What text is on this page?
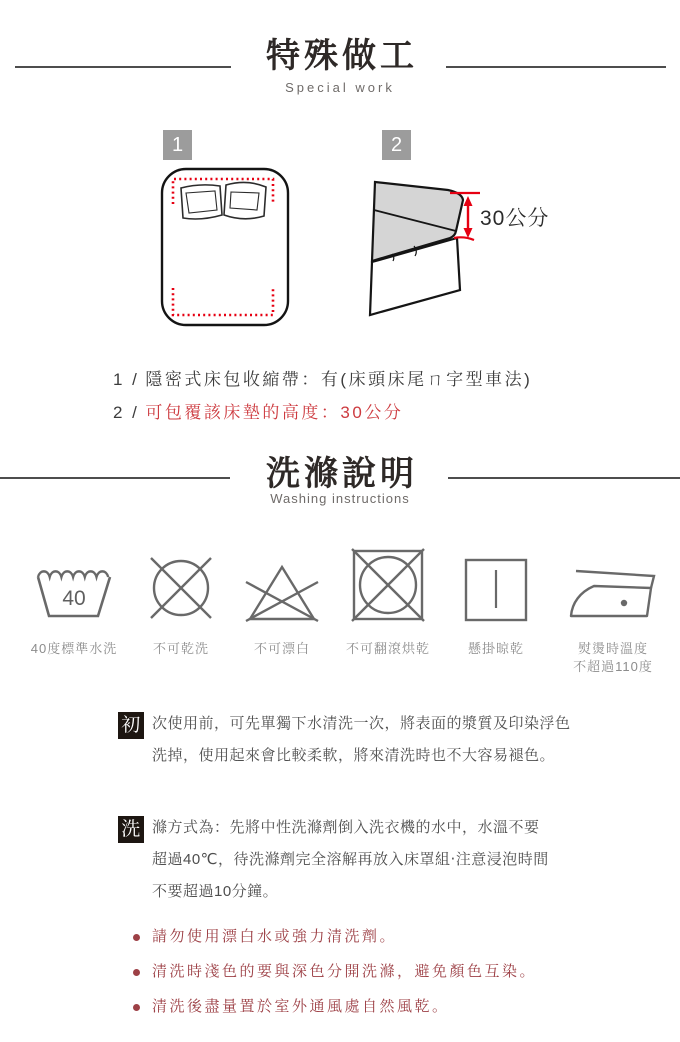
特殊做工
Special work
1	2
30公分
1 / 隱密式床包收縮帶：有(床頭床尾ㄇ字型車法)
2 / 可包覆該床墊的高度：30公分
洗滌說明
Washing instructions
40
40度標準水洗	不可乾洗	不可漂白	不可翻滾烘乾	懸掛晾乾	熨燙時溫度
不超過110度
初 次使用前，可先單獨下水清洗一次，將表面的漿質及印染浮色洗掉，使用起來會比較柔軟，將來清洗時也不大容易褪色。
洗 滌方式為：先將中性洗滌劑倒入洗衣機的水中，水溫不要超過40℃，待洗滌劑完全溶解再放入床罩組‧注意浸泡時間不要超過10分鐘。
請勿使用漂白水或強力清洗劑。
清洗時淺色的要與深色分開洗滌，避免顏色互染。
清洗後盡量置於室外通風處自然風乾。
